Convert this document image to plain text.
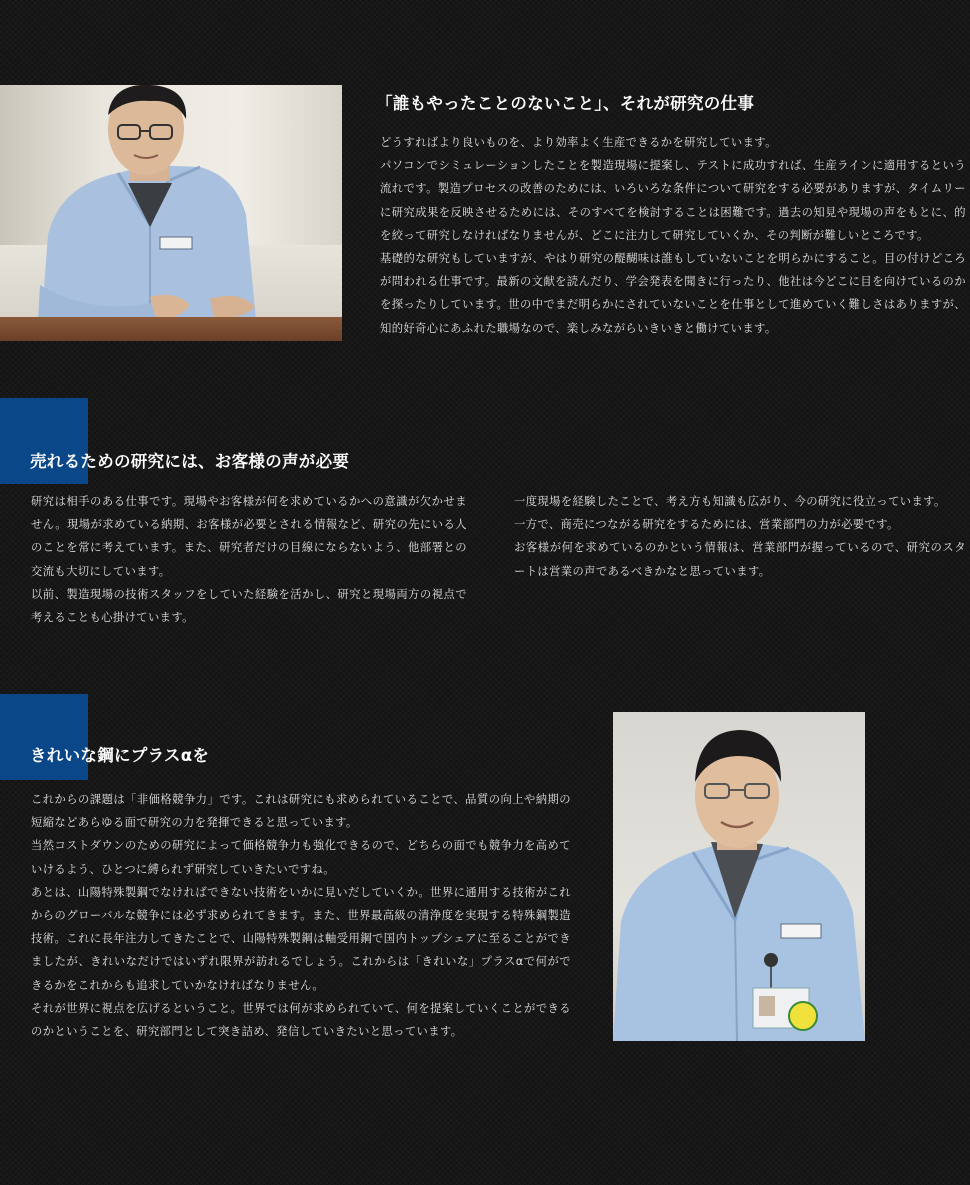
「誰もやったことのないこと」、それが研究の仕事

どうすればより良いものを、より効率よく生産できるかを研究しています。

パソコンでシミュレーションしたことを製造現場に提案し、テストに成功すれば、生産ラインに適用するという流れです。製造プロセスの改善のためには、いろいろな条件について研究をする必要がありますが、タイムリーに研究成果を反映させるためには、そのすべてを検討することは困難です。過去の知見や現場の声をもとに、的を絞って研究しなければなりませんが、どこに注力して研究していくか、その判断が難しいところです。

基礎的な研究もしていますが、やはり研究の醍醐味は誰もしていないことを明らかにすること。目の付けどころが問われる仕事です。最新の文献を読んだり、学会発表を聞きに行ったり、他社は今どこに目を向けているのかを探ったりしています。世の中でまだ明らかにされていないことを仕事として進めていく難しさはありますが、知的好奇心にあふれた職場なので、楽しみながらいきいきと働けています。

売れるための研究には、お客様の声が必要

研究は相手のある仕事です。現場やお客様が何を求めているかへの意識が欠かせません。現場が求めている納期、お客様が必要とされる情報など、研究の先にいる人のことを常に考えています。また、研究者だけの目線にならないよう、他部署との交流も大切にしています。

以前、製造現場の技術スタッフをしていた経験を活かし、研究と現場両方の視点で考えることも心掛けています。

一度現場を経験したことで、考え方も知識も広がり、今の研究に役立っています。

一方で、商売につながる研究をするためには、営業部門の力が必要です。

お客様が何を求めているのかという情報は、営業部門が握っているので、研究のスタートは営業の声であるべきかなと思っています。

きれいな鋼にプラスαを

これからの課題は「非価格競争力」です。これは研究にも求められていることで、品質の向上や納期の短縮などあらゆる面で研究の力を発揮できると思っています。

当然コストダウンのための研究によって価格競争力も強化できるので、どちらの面でも競争力を高めていけるよう、ひとつに縛られず研究していきたいですね。

あとは、山陽特殊製鋼でなければできない技術をいかに見いだしていくか。世界に通用する技術がこれからのグローバルな競争には必ず求められてきます。また、世界最高級の清浄度を実現する特殊鋼製造技術。これに長年注力してきたことで、山陽特殊製鋼は軸受用鋼で国内トップシェアに至ることができましたが、きれいなだけではいずれ限界が訪れるでしょう。これからは「きれいな」プラスαで何ができるかをこれからも追求していかなければなりません。

それが世界に視点を広げるということ。世界では何が求められていて、何を提案していくことができるのかということを、研究部門として突き詰め、発信していきたいと思っています。
